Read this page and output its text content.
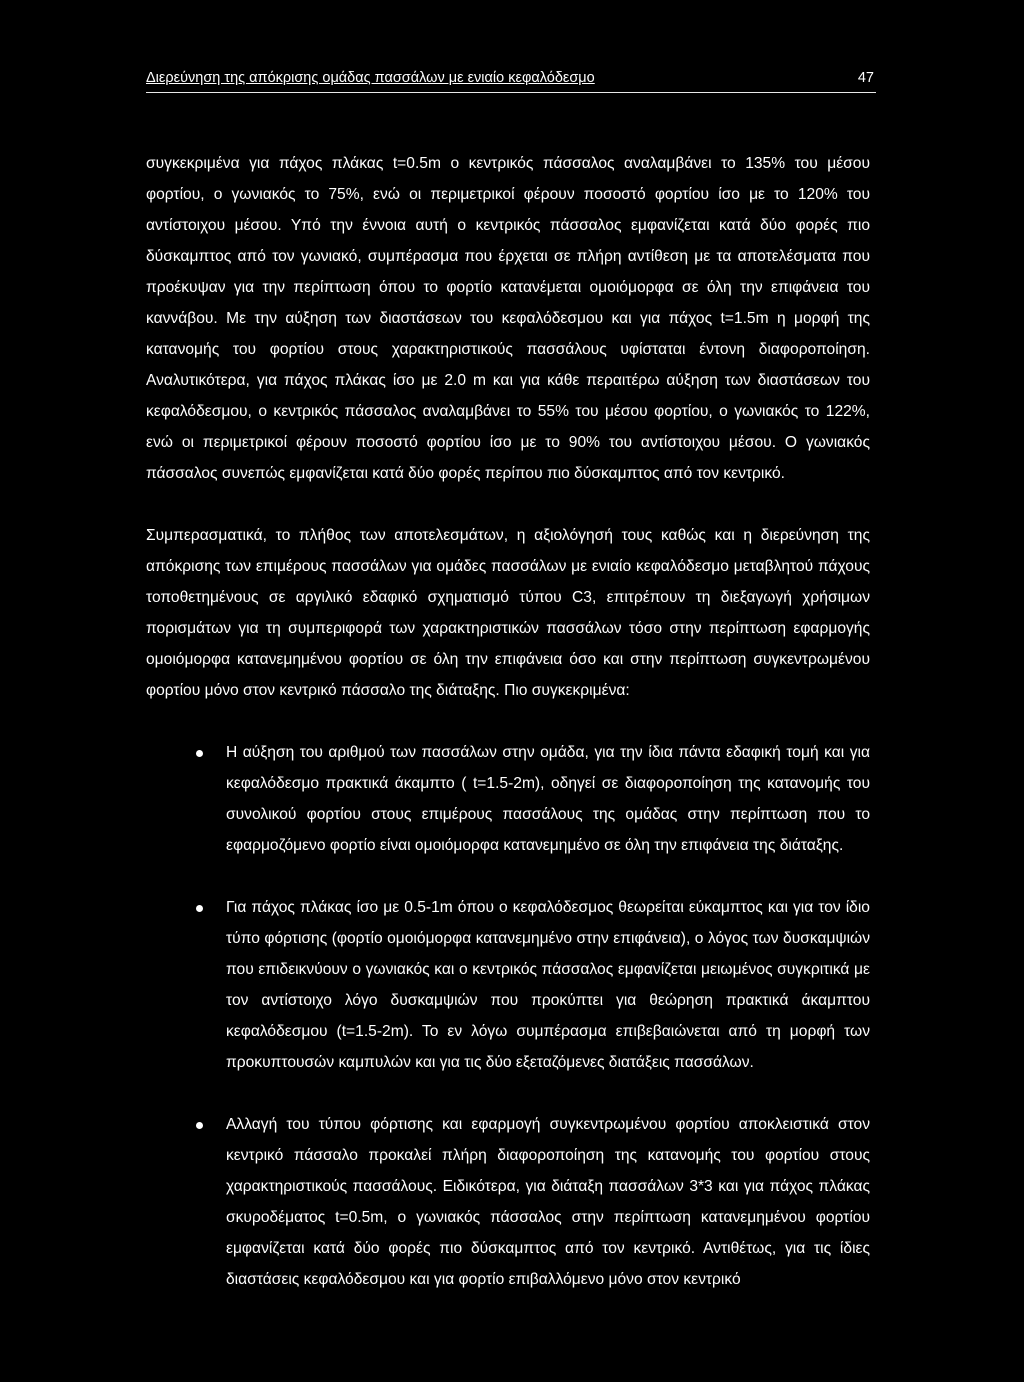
Διερεύνηση της απόκρισης ομάδας πασσάλων με ενιαίο κεφαλόδεσμο	47

συγκεκριμένα για πάχος πλάκας t=0.5m ο κεντρικός πάσσαλος αναλαμβάνει το 135% του μέσου φορτίου, ο γωνιακός το 75%, ενώ οι περιμετρικοί φέρουν ποσοστό φορτίου ίσο με το 120% του αντίστοιχου μέσου. Υπό την έννοια αυτή ο κεντρικός πάσσαλος εμφανίζεται κατά δύο φορές πιο δύσκαμπτος από τον γωνιακό, συμπέρασμα που έρχεται σε πλήρη αντίθεση με τα αποτελέσματα που προέκυψαν για την περίπτωση όπου το φορτίο κατανέμεται ομοιόμορφα σε όλη την επιφάνεια του καννάβου. Με την αύξηση των διαστάσεων του κεφαλόδεσμου και για πάχος t=1.5m η μορφή της κατανομής του φορτίου στους χαρακτηριστικούς πασσάλους υφίσταται έντονη διαφοροποίηση. Αναλυτικότερα, για πάχος πλάκας ίσο με 2.0 m και για κάθε περαιτέρω αύξηση των διαστάσεων του κεφαλόδεσμου, ο κεντρικός πάσσαλος αναλαμβάνει το 55% του μέσου φορτίου, ο γωνιακός το 122%, ενώ οι περιμετρικοί φέρουν ποσοστό φορτίου ίσο με το 90% του αντίστοιχου μέσου. Ο γωνιακός πάσσαλος συνεπώς εμφανίζεται κατά δύο φορές περίπου πιο δύσκαμπτος από τον κεντρικό.

Συμπερασματικά, το πλήθος των αποτελεσμάτων, η αξιολόγησή τους καθώς και η διερεύνηση της απόκρισης των επιμέρους πασσάλων για ομάδες πασσάλων με ενιαίο κεφαλόδεσμο μεταβλητού πάχους τοποθετημένους σε αργιλικό εδαφικό σχηματισμό τύπου C3, επιτρέπουν τη διεξαγωγή χρήσιμων πορισμάτων για τη συμπεριφορά των χαρακτηριστικών πασσάλων τόσο στην περίπτωση εφαρμογής ομοιόμορφα κατανεμημένου φορτίου σε όλη την επιφάνεια όσο και στην περίπτωση συγκεντρωμένου φορτίου μόνο στον κεντρικό πάσσαλο της διάταξης. Πιο συγκεκριμένα:

Η αύξηση του αριθμού των πασσάλων στην ομάδα, για την ίδια πάντα εδαφική τομή και για κεφαλόδεσμο πρακτικά άκαμπτο ( t=1.5-2m), οδηγεί σε διαφοροποίηση της κατανομής του συνολικού φορτίου στους επιμέρους πασσάλους της ομάδας στην περίπτωση που το εφαρμοζόμενο φορτίο είναι ομοιόμορφα κατανεμημένο σε όλη την επιφάνεια της διάταξης.
Για πάχος πλάκας ίσο με 0.5-1m όπου ο κεφαλόδεσμος θεωρείται εύκαμπτος και για τον ίδιο τύπο φόρτισης (φορτίο ομοιόμορφα κατανεμημένο στην επιφάνεια), ο λόγος των δυσκαμψιών που επιδεικνύουν ο γωνιακός και ο κεντρικός πάσσαλος εμφανίζεται μειωμένος συγκριτικά με τον αντίστοιχο λόγο δυσκαμψιών που προκύπτει για θεώρηση πρακτικά άκαμπτου κεφαλόδεσμου (t=1.5-2m). Το εν λόγω συμπέρασμα επιβεβαιώνεται από τη μορφή των προκυπτουσών καμπυλών και για τις δύο εξεταζόμενες διατάξεις πασσάλων.
Αλλαγή του τύπου φόρτισης και εφαρμογή συγκεντρωμένου φορτίου αποκλειστικά στον κεντρικό πάσσαλο προκαλεί πλήρη διαφοροποίηση της κατανομής του φορτίου στους χαρακτηριστικούς πασσάλους. Ειδικότερα, για διάταξη πασσάλων 3*3 και για πάχος πλάκας σκυροδέματος t=0.5m, ο γωνιακός πάσσαλος στην περίπτωση κατανεμημένου φορτίου εμφανίζεται κατά δύο φορές πιο δύσκαμπτος από τον κεντρικό. Αντιθέτως, για τις ίδιες διαστάσεις κεφαλόδεσμου και για φορτίο επιβαλλόμενο μόνο στον κεντρικό
